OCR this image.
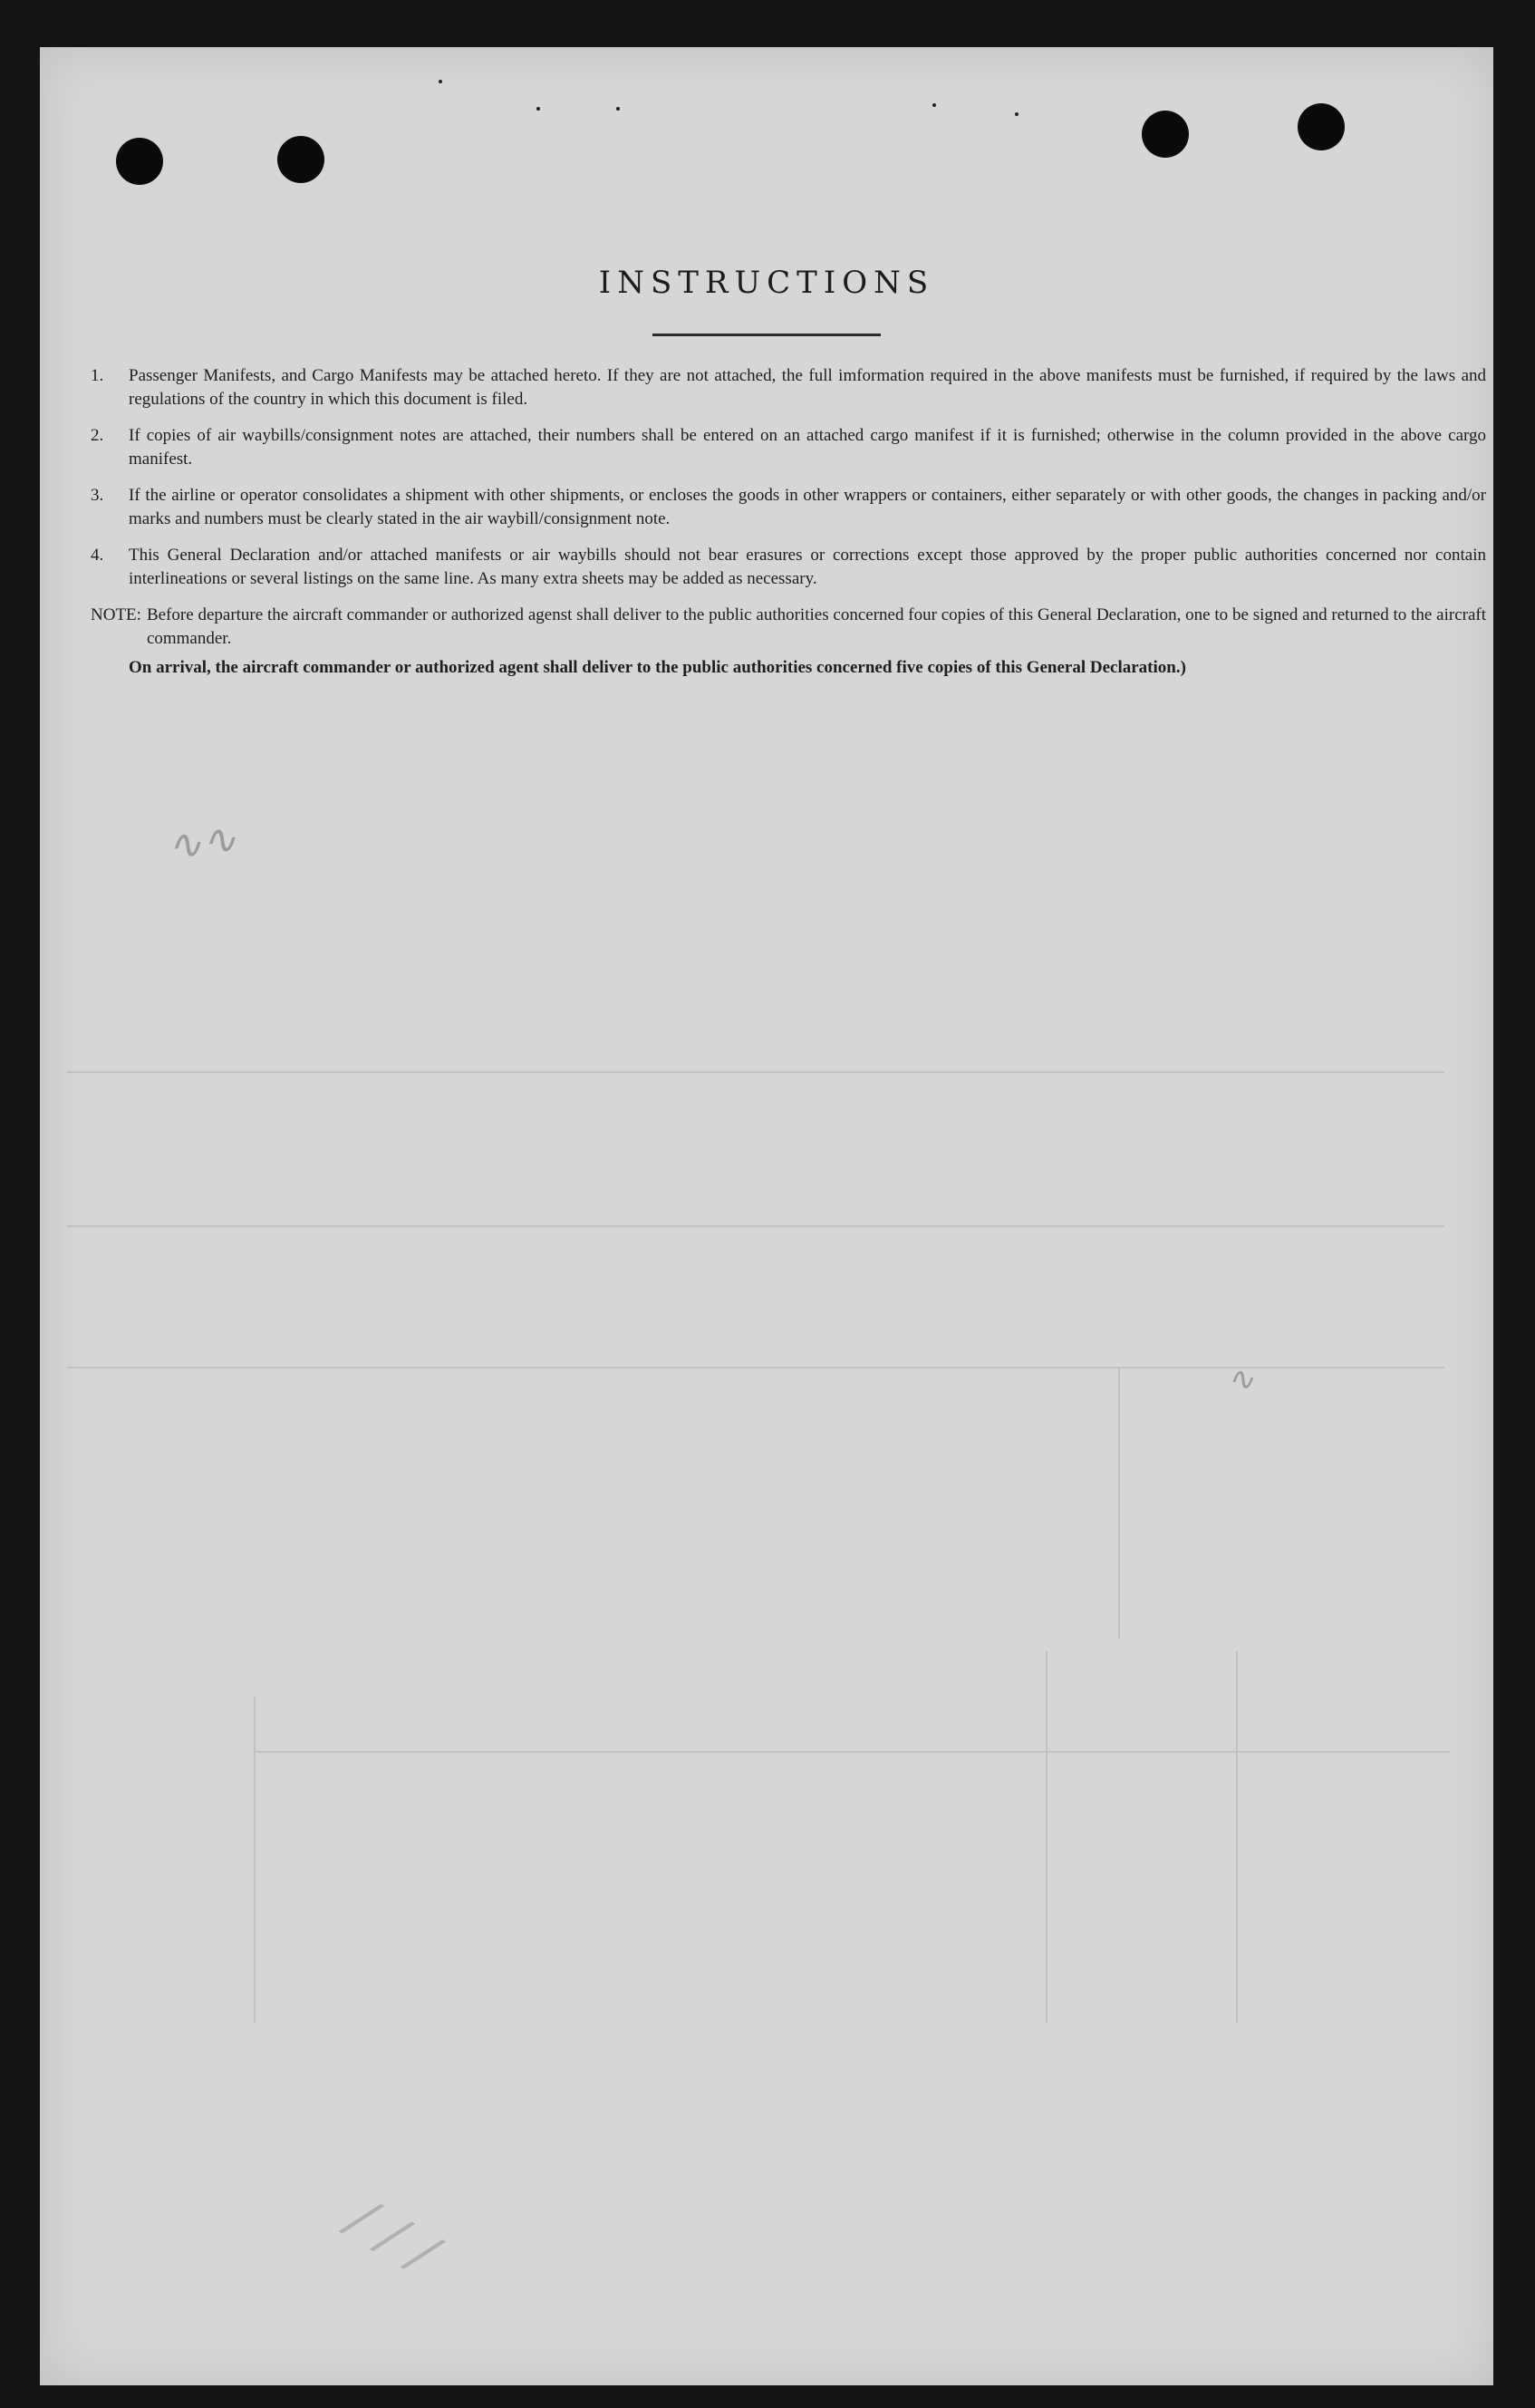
∿∿
∿
/ / /
INSTRUCTIONS
1.	Passenger Manifests, and Cargo Manifests may be attached hereto. If they are not attached, the full imformation required in the above manifests must be furnished, if required by the laws and regulations of the country in which this document is filed.
2.	If copies of air waybills/consignment notes are attached, their numbers shall be entered on an attached cargo manifest if it is furnished; otherwise in the column provided in the above cargo manifest.
3.	If the airline or operator consolidates a shipment with other shipments, or encloses the goods in other wrappers or containers, either separately or with other goods, the changes in packing and/or marks and numbers must be clearly stated in the air waybill/consignment note.
4.	This General Declaration and/or attached manifests or air waybills should not bear erasures or corrections except those approved by the proper public authorities concerned nor contain interlineations or several listings on the same line. As many extra sheets may be added as necessary.
NOTE: Before departure the aircraft commander or authorized agenst shall deliver to the public authorities concerned four copies of this General Declaration, one to be signed and returned to the aircraft commander.
On arrival, the aircraft commander or authorized agent shall deliver to the public authorities concerned five copies of this General Declaration.)
